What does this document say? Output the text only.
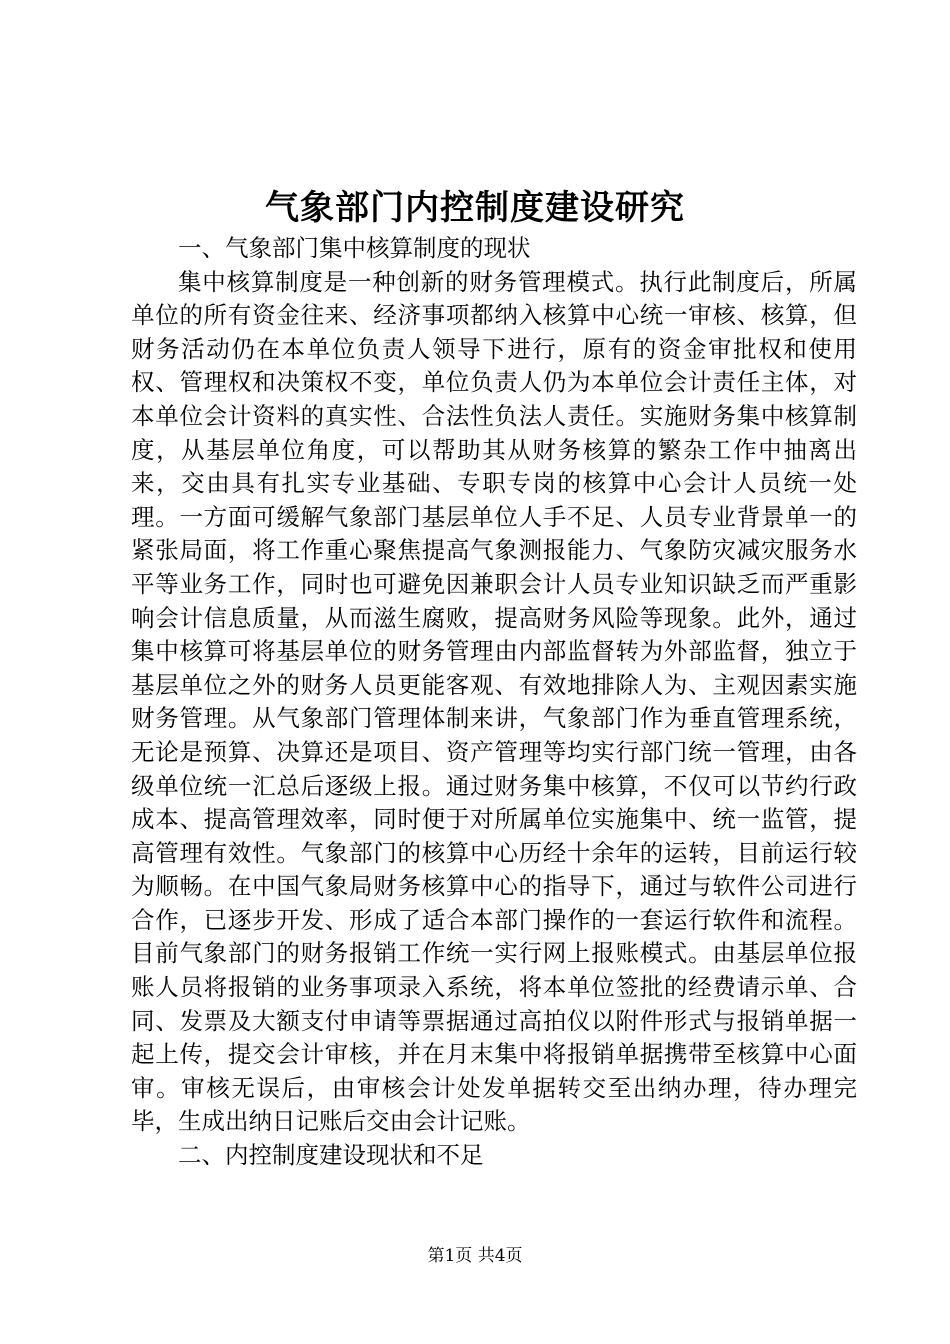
气象部门内控制度建设研究

一、气象部门集中核算制度的现状

集中核算制度是一种创新的财务管理模式。执行此制度后，所属单位的所有资金往来、经济事项都纳入核算中心统一审核、核算，但财务活动仍在本单位负责人领导下进行，原有的资金审批权和使用权、管理权和决策权不变，单位负责人仍为本单位会计责任主体，对本单位会计资料的真实性、合法性负法人责任。实施财务集中核算制度，从基层单位角度，可以帮助其从财务核算的繁杂工作中抽离出来，交由具有扎实专业基础、专职专岗的核算中心会计人员统一处理。一方面可缓解气象部门基层单位人手不足、人员专业背景单一的紧张局面，将工作重心聚焦提高气象测报能力、气象防灾减灾服务水平等业务工作，同时也可避免因兼职会计人员专业知识缺乏而严重影响会计信息质量，从而滋生腐败，提高财务风险等现象。此外，通过集中核算可将基层单位的财务管理由内部监督转为外部监督，独立于基层单位之外的财务人员更能客观、有效地排除人为、主观因素实施财务管理。从气象部门管理体制来讲，气象部门作为垂直管理系统，无论是预算、决算还是项目、资产管理等均实行部门统一管理，由各级单位统一汇总后逐级上报。通过财务集中核算，不仅可以节约行政成本、提高管理效率，同时便于对所属单位实施集中、统一监管，提高管理有效性。气象部门的核算中心历经十余年的运转，目前运行较为顺畅。在中国气象局财务核算中心的指导下，通过与软件公司进行合作，已逐步开发、形成了适合本部门操作的一套运行软件和流程。目前气象部门的财务报销工作统一实行网上报账模式。由基层单位报账人员将报销的业务事项录入系统，将本单位签批的经费请示单、合同、发票及大额支付申请等票据通过高拍仪以附件形式与报销单据一起上传，提交会计审核，并在月末集中将报销单据携带至核算中心面审。审核无误后，由审核会计处发单据转交至出纳办理，待办理完毕，生成出纳日记账后交由会计记账。

二、内控制度建设现状和不足

第1页 共4页
